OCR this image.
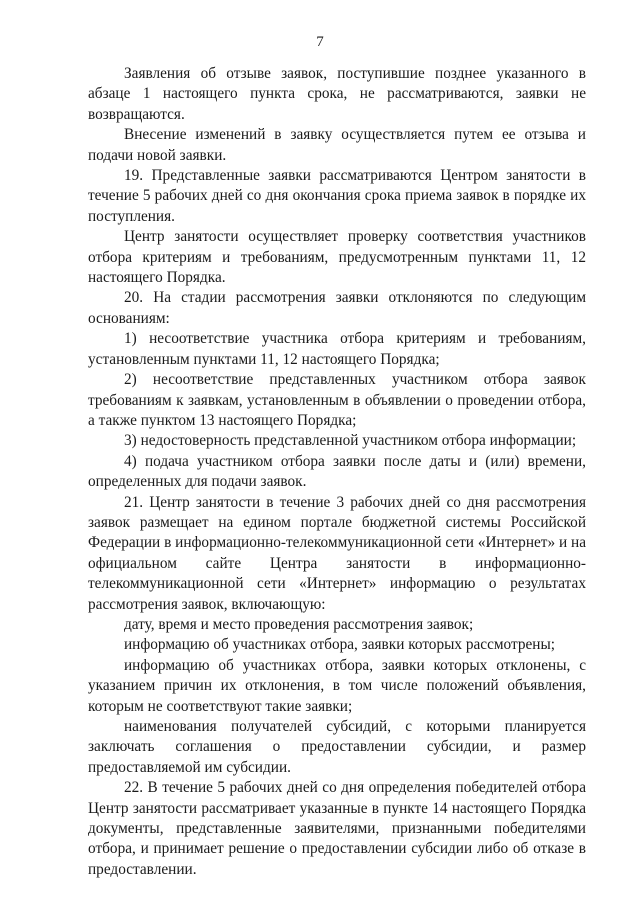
7

Заявления об отзыве заявок, поступившие позднее указанного в абзаце 1 настоящего пункта срока, не рассматриваются, заявки не возвращаются.

Внесение изменений в заявку осуществляется путем ее отзыва и подачи новой заявки.

19. Представленные заявки рассматриваются Центром занятости в течение 5 рабочих дней со дня окончания срока приема заявок в порядке их поступления.

Центр занятости осуществляет проверку соответствия участников отбора критериям и требованиям, предусмотренным пунктами 11, 12 настоящего Порядка.

20. На стадии рассмотрения заявки отклоняются по следующим основаниям:

1) несоответствие участника отбора критериям и требованиям, установленным пунктами 11, 12 настоящего Порядка;

2) несоответствие представленных участником отбора заявок требованиям к заявкам, установленным в объявлении о проведении отбора, а также пунктом 13 настоящего Порядка;

3) недостоверность представленной участником отбора информации;

4) подача участником отбора заявки после даты и (или) времени, определенных для подачи заявок.

21. Центр занятости в течение 3 рабочих дней со дня рассмотрения заявок размещает на едином портале бюджетной системы Российской Федерации в информационно-телекоммуникационной сети «Интернет» и на официальном сайте Центра занятости в информационно-телекоммуникационной сети «Интернет» информацию о результатах рассмотрения заявок, включающую:

дату, время и место проведения рассмотрения заявок;

информацию об участниках отбора, заявки которых рассмотрены;

информацию об участниках отбора, заявки которых отклонены, с указанием причин их отклонения, в том числе положений объявления, которым не соответствуют такие заявки;

наименования получателей субсидий, с которыми планируется заключать соглашения о предоставлении субсидии, и размер предоставляемой им субсидии.

22. В течение 5 рабочих дней со дня определения победителей отбора Центр занятости рассматривает указанные в пункте 14 настоящего Порядка документы, представленные заявителями, признанными победителями отбора, и принимает решение о предоставлении субсидии либо об отказе в предоставлении.
